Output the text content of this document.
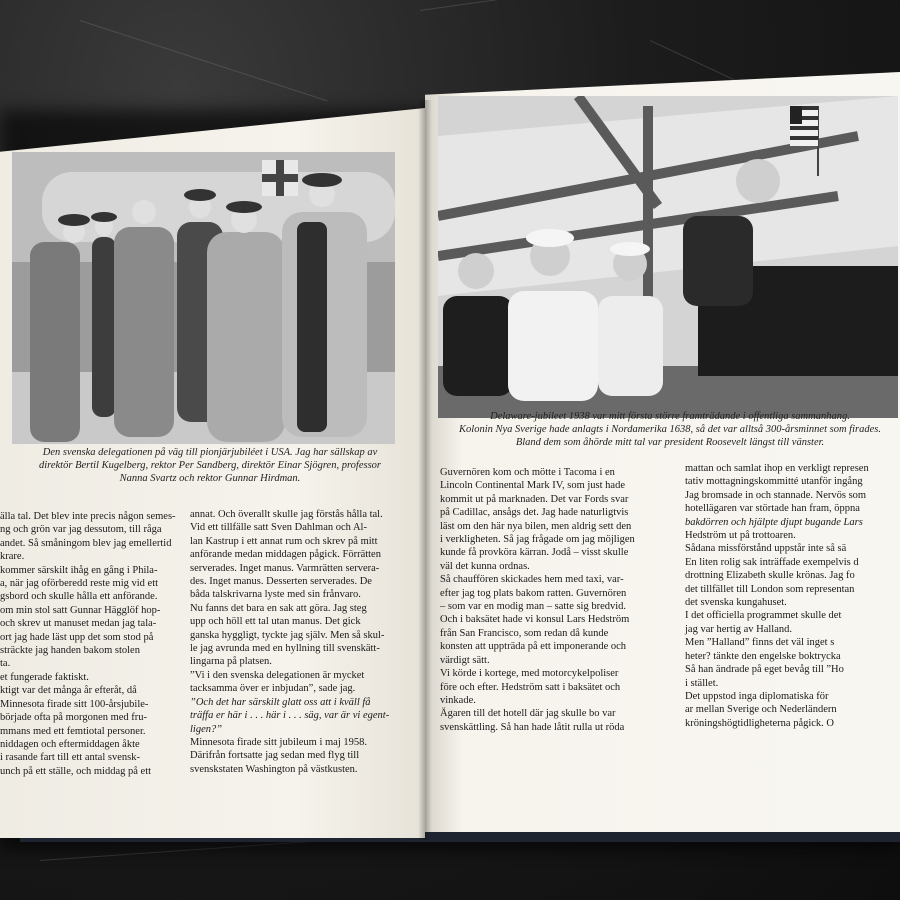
Den svenska delegationen på väg till pionjärjubiléet i USA. Jag har sällskap av

direktör Bertil Kugelberg, rektor Per Sandberg, direktör Einar Sjögren, professor

Nanna Svartz och rektor Gunnar Hirdman.

älla tal. Det blev inte precis någon semes-

ng och grön var jag dessutom, till råga

andet. Så småningom blev jag emellertid

krare.

kommer särskilt ihåg en gång i Phila-

a, när jag oförberedd reste mig vid ett

gsbord och skulle hålla ett anförande.

om min stol satt Gunnar Hägglöf hop-

och skrev ut manuset medan jag tala-

ort jag hade läst upp det som stod på

sträckte jag handen bakom stolen

ta.

et fungerade faktiskt.

ktigt var det många år efteråt, då

Minnesota firade sitt 100-årsjubile-

började ofta på morgonen med fru-

mmans med ett femtiotal personer.

niddagen och eftermiddagen åkte

i rasande fart till ett antal svensk-

unch på ett ställe, och middag på ett

annat. Och överallt skulle jag förstås hålla tal.

Vid ett tillfälle satt Sven Dahlman och Al-

lan Kastrup i ett annat rum och skrev på mitt

anförande medan middagen pågick. Förrätten

serverades. Inget manus. Varmrätten servera-

des. Inget manus. Desserten serverades. De

båda talskrivarna lyste med sin frånvaro.

Nu fanns det bara en sak att göra. Jag steg

upp och höll ett tal utan manus. Det gick

ganska hyggligt, tyckte jag själv. Men så skul-

le jag avrunda med en hyllning till svenskätt-

lingarna på platsen.

”Vi i den svenska delegationen är mycket

tacksamma över er inbjudan”, sade jag.

”Och det har särskilt glatt oss att i kväll få

träffa er här i . . . här i . . . säg, var är vi egent-

ligen?”

Minnesota firade sitt jubileum i maj 1958.

Därifrån fortsatte jag sedan med flyg till

svenskstaten Washington på västkusten.

Delaware-jubileet 1938 var mitt första större framträdande i offentliga sammanhang.

Kolonin Nya Sverige hade anlagts i Nordamerika 1638, så det var alltså 300-årsminnet som firades.

Bland dem som åhörde mitt tal var president Roosevelt längst till vänster.

Guvernören kom och mötte i Tacoma i en

Lincoln Continental Mark IV, som just hade

kommit ut på marknaden. Det var Fords svar

på Cadillac, ansågs det. Jag hade naturligtvis

läst om den här nya bilen, men aldrig sett den

i verkligheten. Så jag frågade om jag möjligen

kunde få provköra kärran. Jodå – visst skulle

väl det kunna ordnas.

Så chauffören skickades hem med taxi, var-

efter jag tog plats bakom ratten. Guvernören

– som var en modig man – satte sig bredvid.

Och i baksätet hade vi konsul Lars Hedström

från San Francisco, som redan då kunde

konsten att uppträda på ett imponerande och

värdigt sätt.

Vi körde i kortege, med motorcykelpoliser

före och efter. Hedström satt i baksätet och

vinkade.

Ägaren till det hotell där jag skulle bo var

svenskättling. Så han hade låtit rulla ut röda

mattan och samlat ihop en verkligt represen

tativ mottagningskommitté utanför ingång

Jag bromsade in och stannade. Nervös som

hotellägaren var störtade han fram, öppna

bakdörren och hjälpte djupt bugande Lars

Hedström ut på trottoaren.

Sådana missförstånd uppstår inte så sä

En liten rolig sak inträffade exempelvis d

drottning Elizabeth skulle krönas. Jag fo

det tillfället till London som representan

det svenska kungahuset.

I det officiella programmet skulle det

jag var hertig av Halland.

Men ”Halland” finns det väl inget s

heter? tänkte den engelske boktrycka

Så han ändrade på eget bevåg till ”Ho

i stället.

Det uppstod inga diplomatiska för

ar mellan Sverige och Nederländern

kröningshögtidligheterna pågick. O
